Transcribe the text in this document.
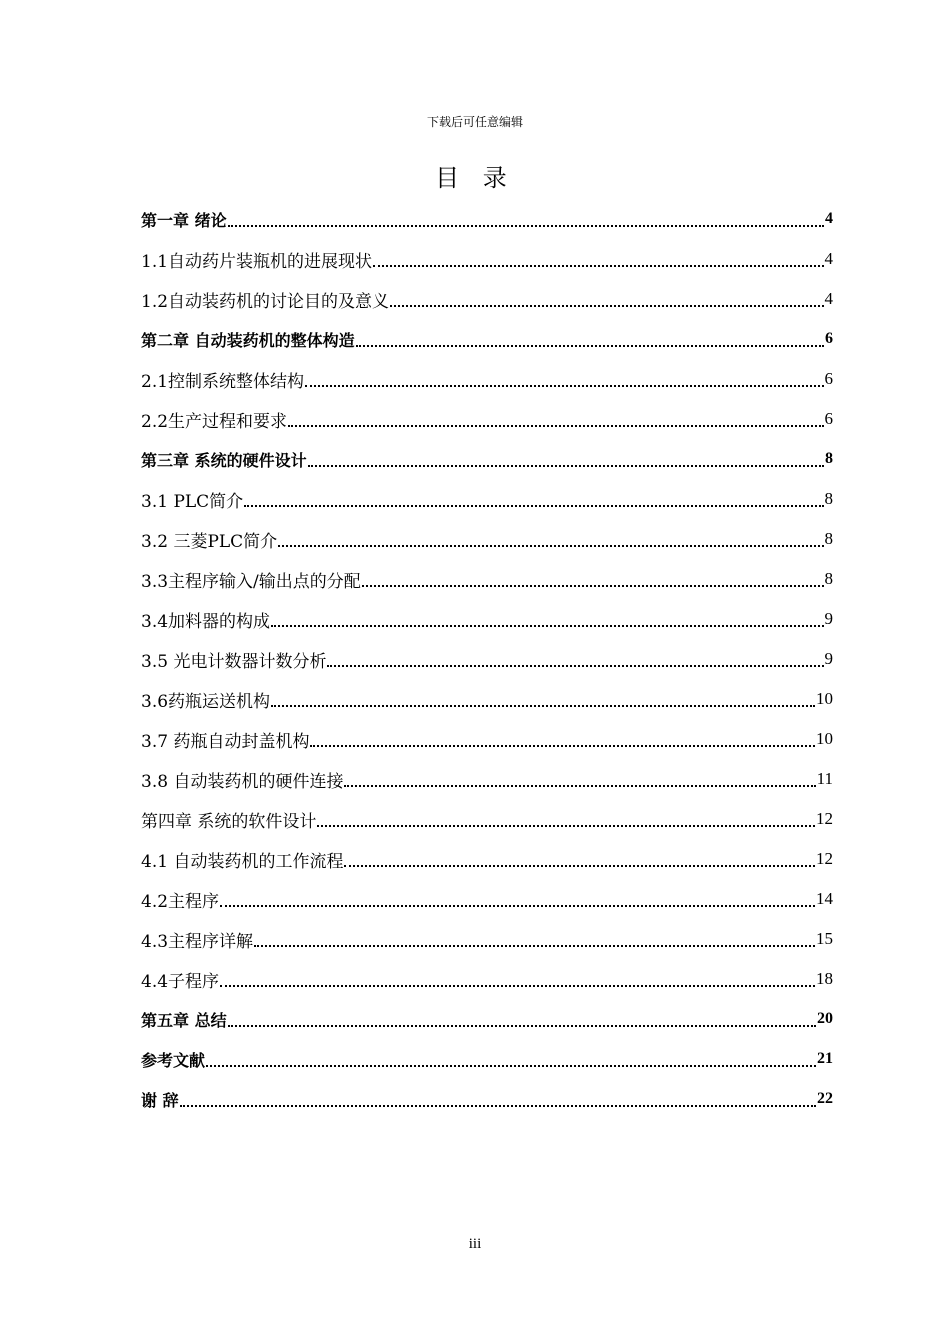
下载后可任意编辑
目 录
第一章 绪论	4
1.1自动药片装瓶机的进展现状	4
1.2自动装药机的讨论目的及意义	4
第二章 自动装药机的整体构造	6
2.1控制系统整体结构	6
2.2生产过程和要求	6
第三章 系统的硬件设计	8
3.1 PLC简介	8
3.2 三菱PLC简介	8
3.3主程序输入/输出点的分配	8
3.4加料器的构成	9
3.5 光电计数器计数分析	9
3.6药瓶运送机构	10
3.7 药瓶自动封盖机构	10
3.8 自动装药机的硬件连接	11
第四章 系统的软件设计	12
4.1 自动装药机的工作流程	12
4.2主程序	14
4.3主程序详解	15
4.4子程序	18
第五章 总结	20
参考文献	21
谢 辞	22
iii
